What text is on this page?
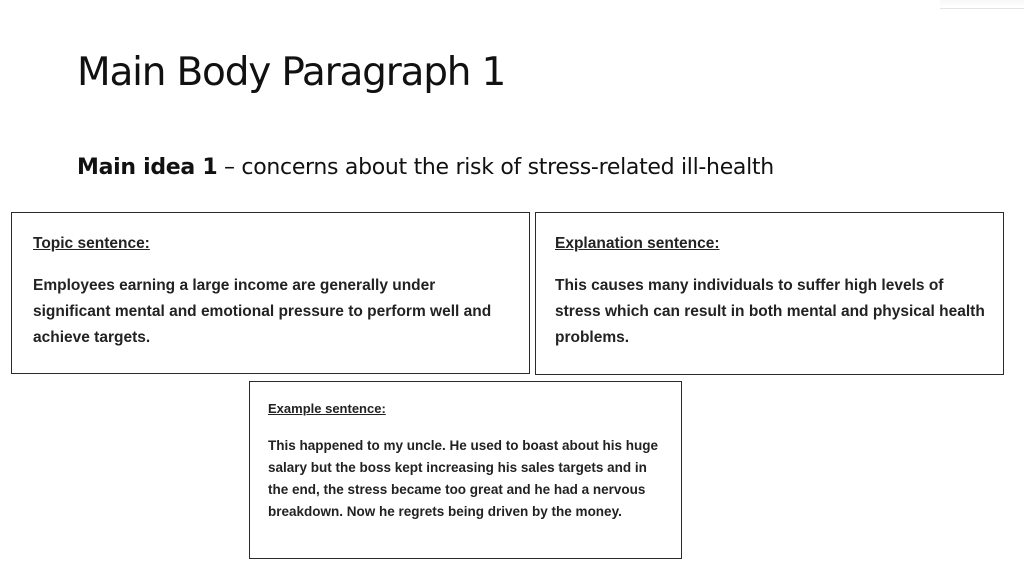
Main Body Paragraph 1

Main idea 1 – concerns about the risk of stress-related ill-health

Topic sentence:
Employees earning a large income are generally under significant mental and emotional pressure to perform well and achieve targets.
Explanation sentence:
This causes many individuals to suffer high levels of stress which can result in both mental and physical health problems.
Example sentence:
This happened to my uncle. He used to boast about his huge salary but the boss kept increasing his sales targets and in the end, the stress became too great and he had a nervous breakdown. Now he regrets being driven by the money.
